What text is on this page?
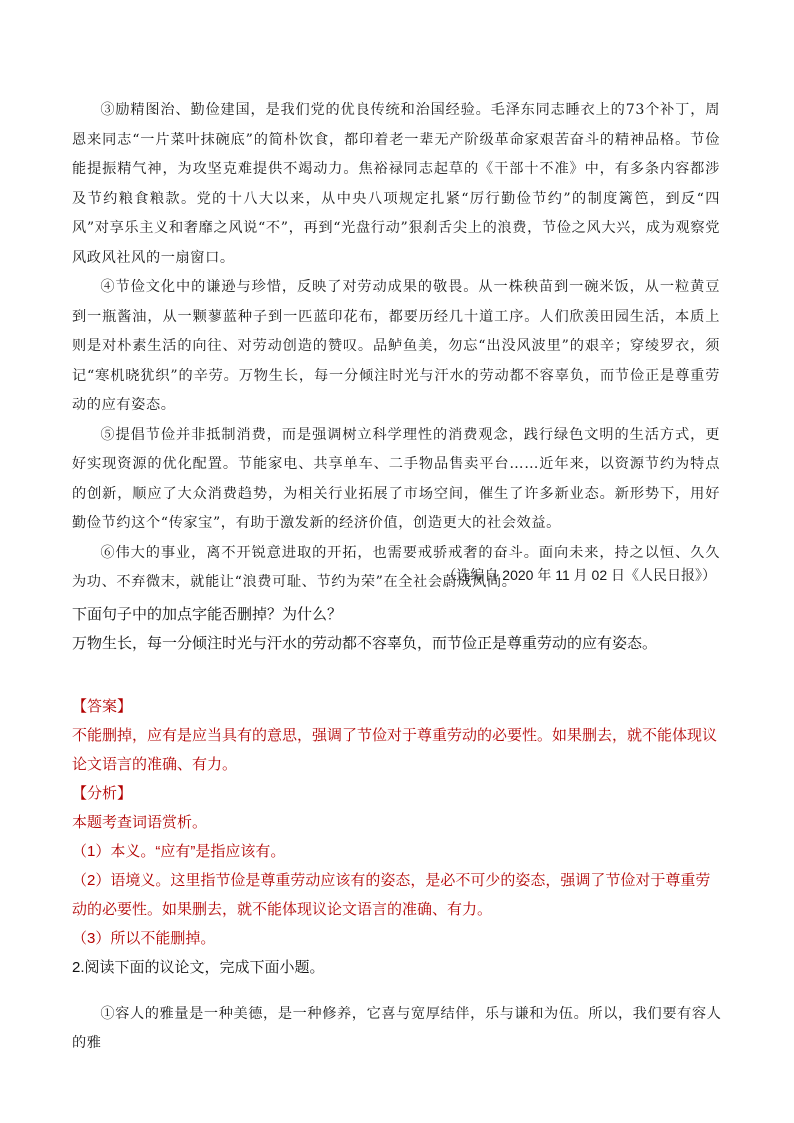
③励精图治、勤俭建国，是我们党的优良传统和治国经验。毛泽东同志睡衣上的73个补丁，周恩来同志“一片菜叶抹碗底”的简朴饮食，都印着老一辈无产阶级革命家艰苦奋斗的精神品格。节俭能提振精气神，为攻坚克难提供不竭动力。焦裕禄同志起草的《干部十不准》中，有多条内容都涉及节约粮食粮款。党的十八大以来，从中央八项规定扎紧“厉行勤俭节约”的制度篱笆，到反“四风”对享乐主义和奢靡之风说“不”，再到“光盘行动”狠刹舌尖上的浪费，节俭之风大兴，成为观察党风政风社风的一扇窗口。

④节俭文化中的谦逊与珍惜，反映了对劳动成果的敬畏。从一株秧苗到一碗米饭，从一粒黄豆到一瓶酱油，从一颗蓼蓝种子到一匹蓝印花布，都要历经几十道工序。人们欣羡田园生活，本质上则是对朴素生活的向往、对劳动创造的赞叹。品鲈鱼美，勿忘“出没风波里”的艰辛；穿绫罗衣，须记“寒机晓犹织”的辛劳。万物生长，每一分倾注时光与汗水的劳动都不容辜负，而节俭正是尊重劳动的应有姿态。

⑤提倡节俭并非抵制消费，而是强调树立科学理性的消费观念，践行绿色文明的生活方式，更好实现资源的优化配置。节能家电、共享单车、二手物品售卖平台……近年来，以资源节约为特点的创新，顺应了大众消费趋势，为相关行业拓展了市场空间，催生了许多新业态。新形势下，用好勤俭节约这个“传家宝”，有助于激发新的经济价值，创造更大的社会效益。

⑥伟大的事业，离不开锐意进取的开拓，也需要戒骄戒奢的奋斗。面向未来，持之以恒、久久为功、不弃微末，就能让“浪费可耻、节约为荣”在全社会蔚成风尚。

（选编自 2020 年 11 月 02 日《人民日报》）
下面句子中的加点字能否删掉？为什么？
万物生长，每一分倾注时光与汗水的劳动都不容辜负，而节俭正是尊重劳动的应有姿态。
【答案】
不能删掉，应有是应当具有的意思，强调了节俭对于尊重劳动的必要性。如果删去，就不能体现议论文语言的准确、有力。
【分析】
本题考查词语赏析。
（1）本义。“应有”是指应该有。
（2）语境义。这里指节俭是尊重劳动应该有的姿态，是必不可少的姿态，强调了节俭对于尊重劳动的必要性。如果删去，就不能体现议论文语言的准确、有力。
（3）所以不能删掉。
2.阅读下面的议论文，完成下面小题。

①容人的雅量是一种美德，是一种修养，它喜与宽厚结伴，乐与谦和为伍。所以，我们要有容人的雅
